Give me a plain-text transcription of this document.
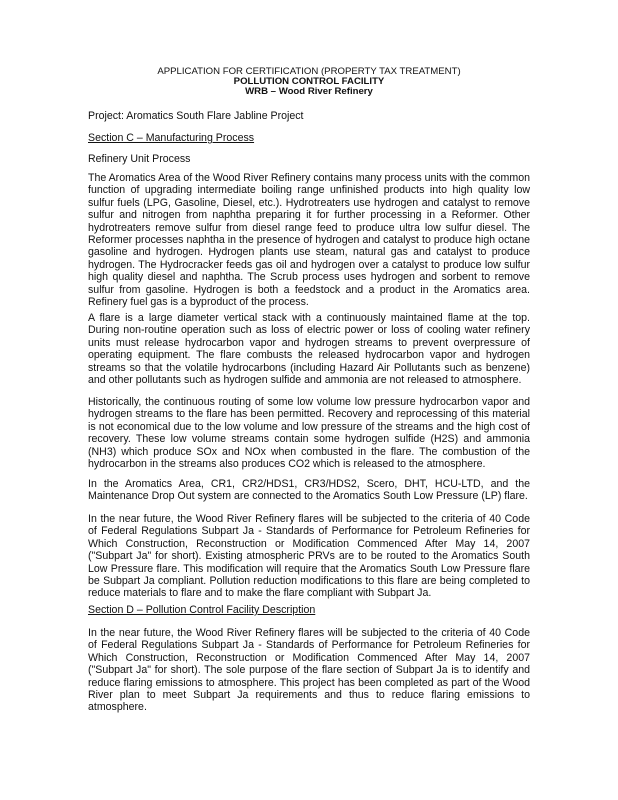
APPLICATION FOR CERTIFICATION (PROPERTY TAX TREATMENT)
POLLUTION CONTROL FACILITY
WRB – Wood River Refinery
Project: Aromatics South Flare Jabline Project
Section C – Manufacturing Process
Refinery Unit Process
The Aromatics Area of the Wood River Refinery contains many process units with the common function of upgrading intermediate boiling range unfinished products into high quality low sulfur fuels (LPG, Gasoline, Diesel, etc.). Hydrotreaters use hydrogen and catalyst to remove sulfur and nitrogen from naphtha preparing it for further processing in a Reformer. Other hydrotreaters remove sulfur from diesel range feed to produce ultra low sulfur diesel. The Reformer processes naphtha in the presence of hydrogen and catalyst to produce high octane gasoline and hydrogen. Hydrogen plants use steam, natural gas and catalyst to produce hydrogen. The Hydrocracker feeds gas oil and hydrogen over a catalyst to produce low sulfur high quality diesel and naphtha. The Scrub process uses hydrogen and sorbent to remove sulfur from gasoline. Hydrogen is both a feedstock and a product in the Aromatics area. Refinery fuel gas is a byproduct of the process.
A flare is a large diameter vertical stack with a continuously maintained flame at the top. During non-routine operation such as loss of electric power or loss of cooling water refinery units must release hydrocarbon vapor and hydrogen streams to prevent overpressure of operating equipment. The flare combusts the released hydrocarbon vapor and hydrogen streams so that the volatile hydrocarbons (including Hazard Air Pollutants such as benzene) and other pollutants such as hydrogen sulfide and ammonia are not released to atmosphere.
Historically, the continuous routing of some low volume low pressure hydrocarbon vapor and hydrogen streams to the flare has been permitted. Recovery and reprocessing of this material is not economical due to the low volume and low pressure of the streams and the high cost of recovery. These low volume streams contain some hydrogen sulfide (H2S) and ammonia (NH3) which produce SOx and NOx when combusted in the flare. The combustion of the hydrocarbon in the streams also produces CO2 which is released to the atmosphere.
In the Aromatics Area, CR1, CR2/HDS1, CR3/HDS2, Scero, DHT, HCU-LTD, and the Maintenance Drop Out system are connected to the Aromatics South Low Pressure (LP) flare.
In the near future, the Wood River Refinery flares will be subjected to the criteria of 40 Code of Federal Regulations Subpart Ja - Standards of Performance for Petroleum Refineries for Which Construction, Reconstruction or Modification Commenced After May 14, 2007 ("Subpart Ja" for short). Existing atmospheric PRVs are to be routed to the Aromatics South Low Pressure flare. This modification will require that the Aromatics South Low Pressure flare be Subpart Ja compliant. Pollution reduction modifications to this flare are being completed to reduce materials to flare and to make the flare compliant with Subpart Ja.
Section D – Pollution Control Facility Description
In the near future, the Wood River Refinery flares will be subjected to the criteria of 40 Code of Federal Regulations Subpart Ja - Standards of Performance for Petroleum Refineries for Which Construction, Reconstruction or Modification Commenced After May 14, 2007 ("Subpart Ja" for short). The sole purpose of the flare section of Subpart Ja is to identify and reduce flaring emissions to atmosphere. This project has been completed as part of the Wood River plan to meet Subpart Ja requirements and thus to reduce flaring emissions to atmosphere.
